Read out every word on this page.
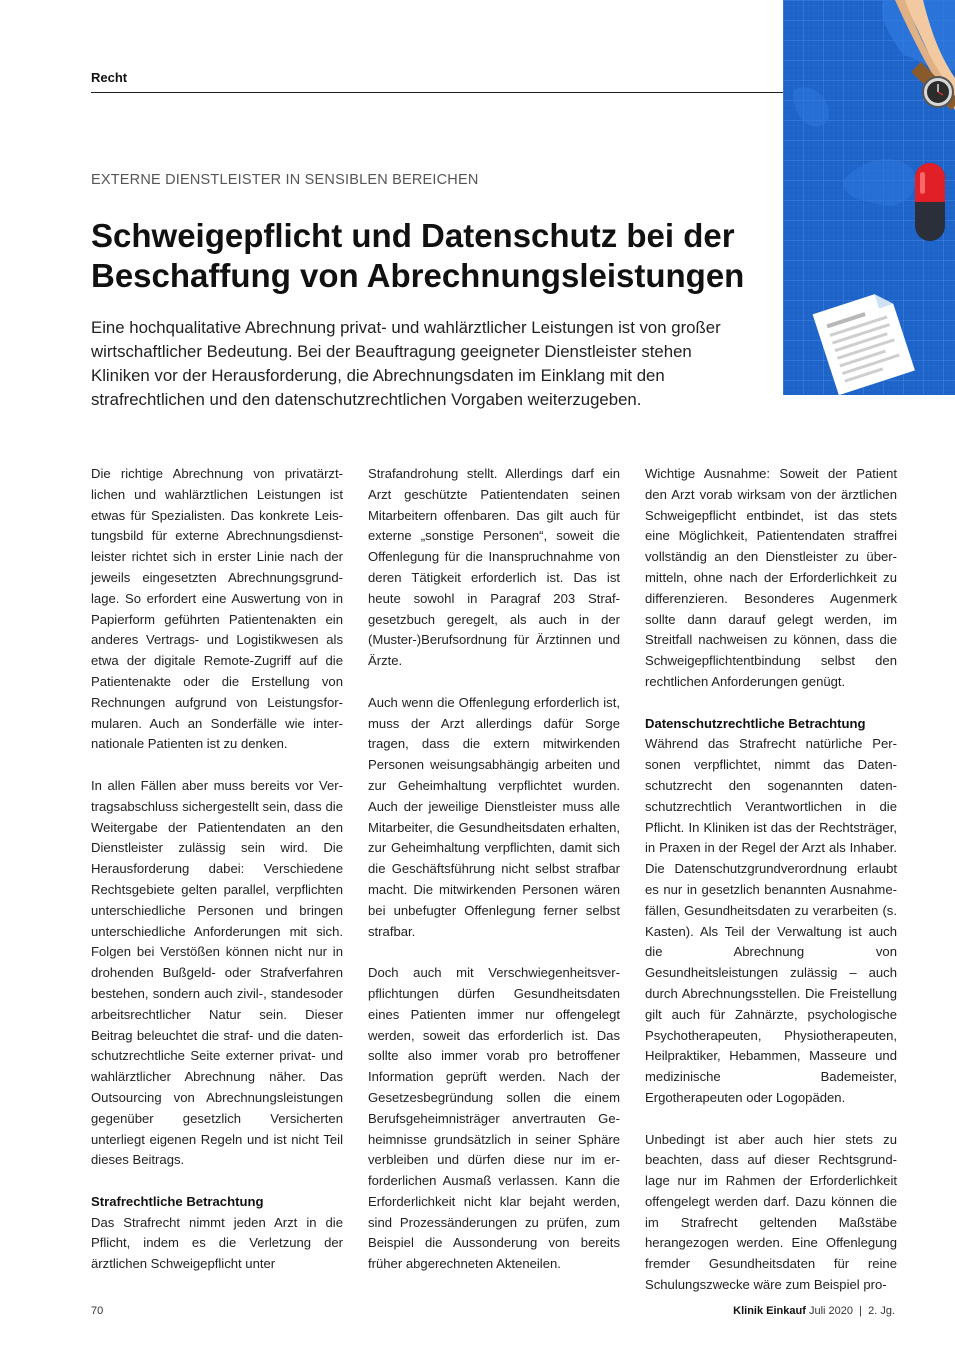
Recht
EXTERNE DIENSTLEISTER IN SENSIBLEN BEREICHEN
Schweigepflicht und Datenschutz bei der Beschaffung von Abrechnungsleistungen

Eine hochqualitative Abrechnung privat- und wahlärztlicher Leistungen ist von großer wirtschaftlicher Bedeutung. Bei der Beauftragung geeigneter Dienstleister stehen Kliniken vor der Herausforderung, die Abrechnungsdaten im Einklang mit den strafrechtlichen und den datenschutzrechtlichen Vorgaben weiterzugeben.

Die richtige Abrechnung von privatärztlichen und wahlärztlichen Leistungen ist etwas für Spezialisten. Das konkrete Leistungsbild für externe Abrechnungsdienstleister richtet sich in erster Linie nach der jeweils eingesetzten Abrechnungsgrundlage. So erfordert eine Auswertung von in Papierform geführten Patientenakten ein anderes Vertrags- und Logistikwesen als etwa der digitale Remote-Zugriff auf die Patientenakte oder die Erstellung von Rechnungen aufgrund von Leistungsformularen. Auch an Sonderfälle wie internationale Patienten ist zu denken.

In allen Fällen aber muss bereits vor Vertragsabschluss sichergestellt sein, dass die Weitergabe der Patientendaten an den Dienstleister zulässig sein wird. Die Herausforderung dabei: Verschiedene Rechtsgebiete gelten parallel, verpflichten unterschiedliche Personen und bringen unterschiedliche Anforderungen mit sich. Folgen bei Verstößen können nicht nur in drohenden Bußgeld- oder Strafverfahren bestehen, sondern auch zivil-, standesoder arbeitsrechtlicher Natur sein. Dieser Beitrag beleuchtet die straf- und die datenschutzrechtliche Seite externer privat- und wahlärztlicher Abrechnung näher. Das Outsourcing von Abrechnungsleistungen gegenüber gesetzlich Versicherten unterliegt eigenen Regeln und ist nicht Teil dieses Beitrags.

Strafrechtliche Betrachtung

Das Strafrecht nimmt jeden Arzt in die Pflicht, indem es die Verletzung der ärztlichen Schweigepflicht unter

Strafandrohung stellt. Allerdings darf ein Arzt geschützte Patientendaten seinen Mitarbeitern offenbaren. Das gilt auch für externe „sonstige Personen“, soweit die Offenlegung für die Inanspruchnahme von deren Tätigkeit erforderlich ist. Das ist heute sowohl in Paragraf 203 Strafgesetzbuch geregelt, als auch in der (Muster-)Berufsordnung für Ärztinnen und Ärzte.

Auch wenn die Offenlegung erforderlich ist, muss der Arzt allerdings dafür Sorge tragen, dass die extern mitwirkenden Personen weisungsabhängig arbeiten und zur Geheimhaltung verpflichtet wurden. Auch der jeweilige Dienstleister muss alle Mitarbeiter, die Gesundheitsdaten erhalten, zur Geheimhaltung verpflichten, damit sich die Geschäftsführung nicht selbst strafbar macht. Die mitwirkenden Personen wären bei unbefugter Offenlegung ferner selbst strafbar.

Doch auch mit Verschwiegenheitsverpflichtungen dürfen Gesundheitsdaten eines Patienten immer nur offengelegt werden, soweit das erforderlich ist. Das sollte also immer vorab pro betroffener Information geprüft werden. Nach der Gesetzesbegründung sollen die einem Berufsgeheimnisträger anvertrauten Geheimnisse grundsätzlich in seiner Sphäre verbleiben und dürfen diese nur im erforderlichen Ausmaß verlassen. Kann die Erforderlichkeit nicht klar bejaht werden, sind Prozessänderungen zu prüfen, zum Beispiel die Aussonderung von bereits früher abgerechneten Akteneilen.

Wichtige Ausnahme: Soweit der Patient den Arzt vorab wirksam von der ärztlichen Schweigepflicht entbindet, ist das stets eine Möglichkeit, Patientendaten straffrei vollständig an den Dienstleister zu übermitteln, ohne nach der Erforderlichkeit zu differenzieren. Besonderes Augenmerk sollte dann darauf gelegt werden, im Streitfall nachweisen zu können, dass die Schweigepflichtentbindung selbst den rechtlichen Anforderungen genügt.

Datenschutzrechtliche Betrachtung

Während das Strafrecht natürliche Personen verpflichtet, nimmt das Datenschutzrecht den sogenannten datenschutzrechtlich Verantwortlichen in die Pflicht. In Kliniken ist das der Rechtsträger, in Praxen in der Regel der Arzt als Inhaber. Die Datenschutzgrundverordnung erlaubt es nur in gesetzlich benannten Ausnahmefällen, Gesundheitsdaten zu verarbeiten (s. Kasten). Als Teil der Verwaltung ist auch die Abrechnung von Gesundheitsleistungen zulässig – auch durch Abrechnungsstellen. Die Freistellung gilt auch für Zahnärzte, psychologische Psychotherapeuten, Physiotherapeuten, Heilpraktiker, Hebammen, Masseure und medizinische Bademeister, Ergotherapeuten oder Logopäden.

Unbedingt ist aber auch hier stets zu beachten, dass auf dieser Rechtsgrundlage nur im Rahmen der Erforderlichkeit offengelegt werden darf. Dazu können die im Strafrecht geltenden Maßstäbe herangezogen werden. Eine Offenlegung fremder Gesundheitsdaten für reine Schulungszwecke wäre zum Beispiel pro-

70	Klinik Einkauf Juli 2020  |  2. Jg.
